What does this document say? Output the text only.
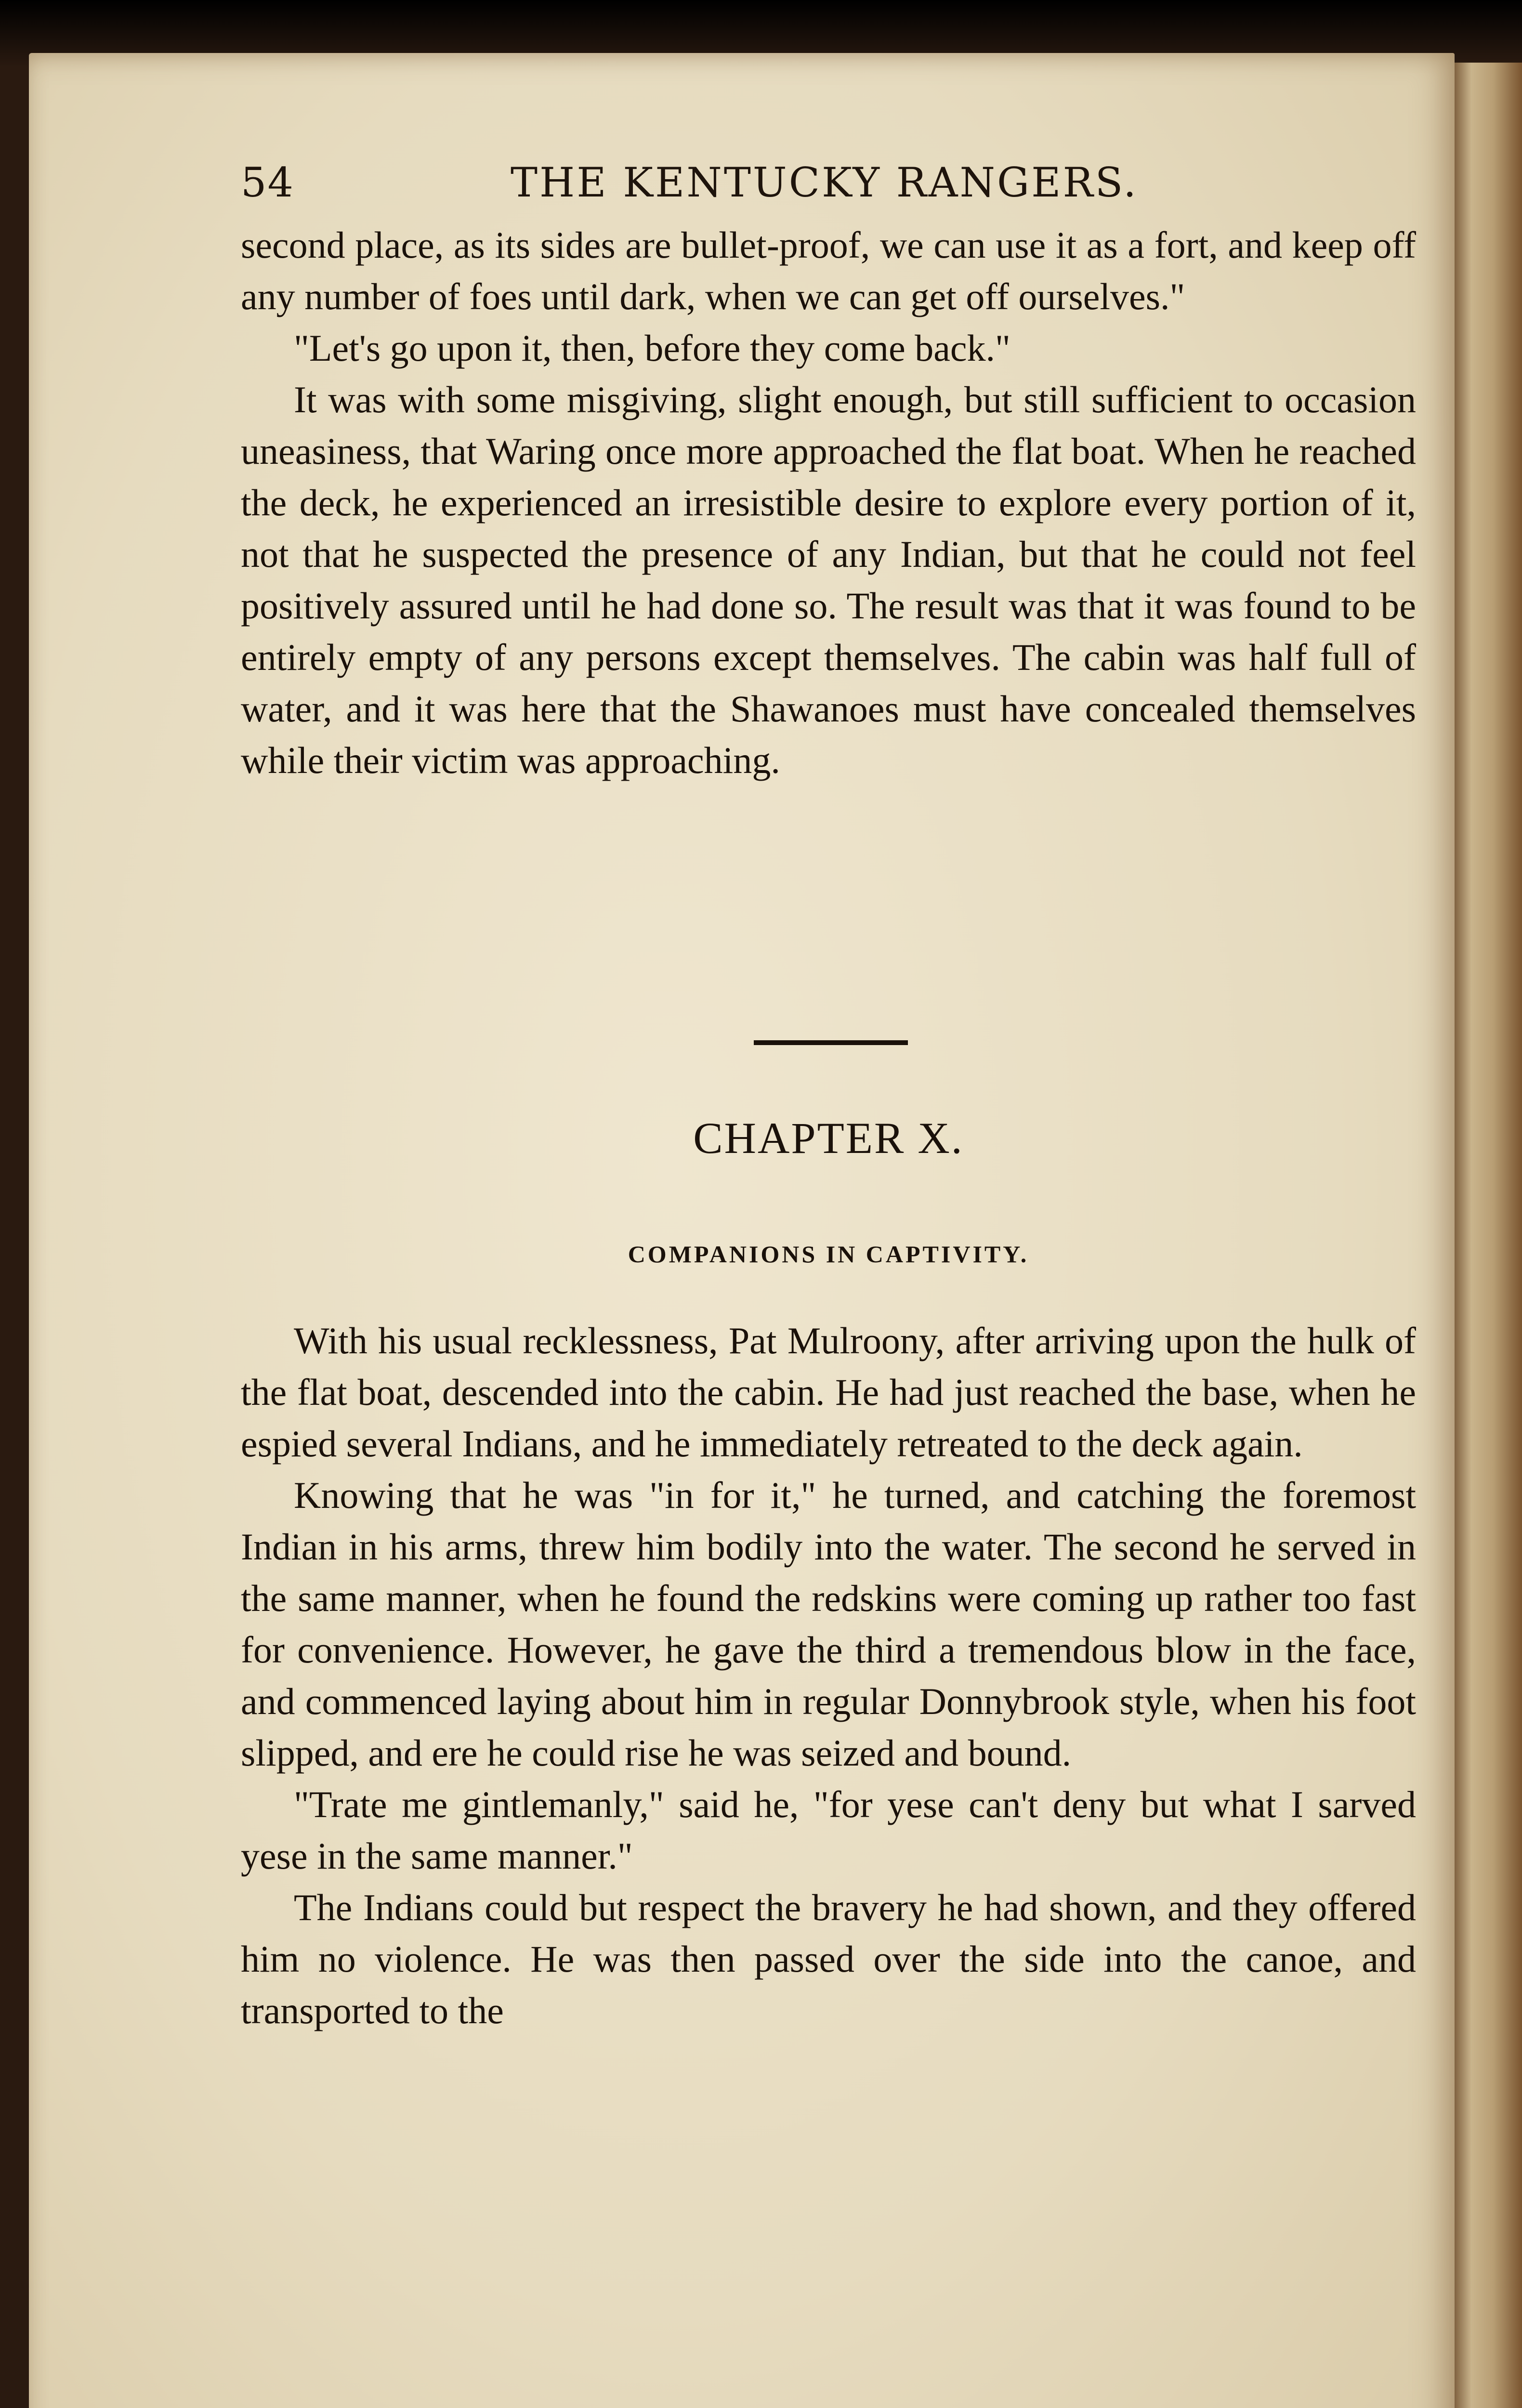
54	THE KENTUCKY RANGERS.

second place, as its sides are bullet-proof, we can use it as a fort, and keep off any number of foes until dark, when we can get off ourselves."

"Let's go upon it, then, before they come back."

It was with some misgiving, slight enough, but still sufficient to occasion uneasiness, that Waring once more approached the flat boat. When he reached the deck, he experienced an irresistible desire to explore every portion of it, not that he suspected the presence of any Indian, but that he could not feel positively assured until he had done so. The result was that it was found to be entirely empty of any persons except themselves. The cabin was half full of water, and it was here that the Shawanoes must have concealed themselves while their victim was approaching.

CHAPTER X.
COMPANIONS IN CAPTIVITY.

With his usual recklessness, Pat Mulroony, after arriving upon the hulk of the flat boat, descended into the cabin. He had just reached the base, when he espied several Indians, and he immediately retreated to the deck again.

Knowing that he was "in for it," he turned, and catching the foremost Indian in his arms, threw him bodily into the water. The second he served in the same manner, when he found the redskins were coming up rather too fast for convenience. However, he gave the third a tremendous blow in the face, and commenced laying about him in regular Donnybrook style, when his foot slipped, and ere he could rise he was seized and bound.

"Trate me gintlemanly," said he, "for yese can't deny but what I sarved yese in the same manner."

The Indians could but respect the bravery he had shown, and they offered him no violence. He was then passed over the side into the canoe, and transported to the
